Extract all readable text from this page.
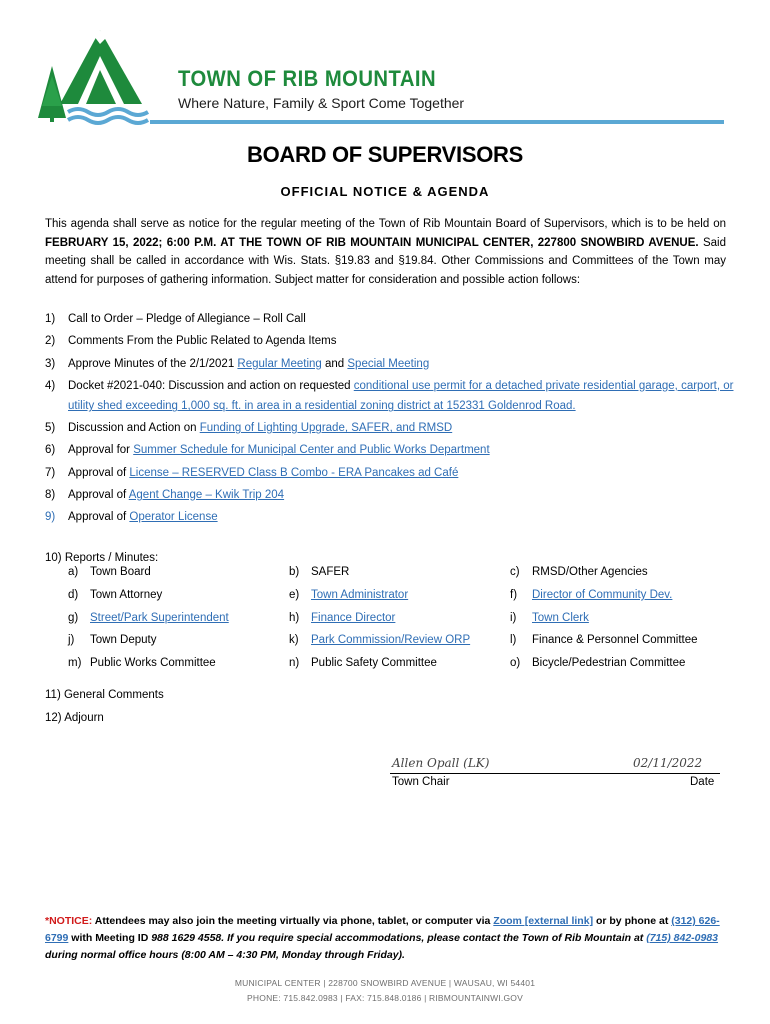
TOWN OF RIB MOUNTAIN
Where Nature, Family & Sport Come Together
BOARD OF SUPERVISORS
OFFICIAL NOTICE & AGENDA
This agenda shall serve as notice for the regular meeting of the Town of Rib Mountain Board of Supervisors, which is to be held on FEBRUARY 15, 2022; 6:00 P.M. AT THE TOWN OF RIB MOUNTAIN MUNICIPAL CENTER, 227800 SNOWBIRD AVENUE. Said meeting shall be called in accordance with Wis. Stats. §19.83 and §19.84. Other Commissions and Committees of the Town may attend for purposes of gathering information. Subject matter for consideration and possible action follows:
1) Call to Order – Pledge of Allegiance – Roll Call
2) Comments From the Public Related to Agenda Items
3) Approve Minutes of the 2/1/2021 Regular Meeting and Special Meeting
4) Docket #2021-040: Discussion and action on requested conditional use permit for a detached private residential garage, carport, or utility shed exceeding 1,000 sq. ft. in area in a residential zoning district at 152331 Goldenrod Road.
5) Discussion and Action on Funding of Lighting Upgrade, SAFER, and RMSD
6) Approval for Summer Schedule for Municipal Center and Public Works Department
7) Approval of License – RESERVED Class B Combo - ERA Pancakes ad Café
8) Approval of Agent Change – Kwik Trip 204
9) Approval of Operator License
10) Reports / Minutes:
a) Town Board	b) SAFER	c) RMSD/Other Agencies
d) Town Attorney	e) Town Administrator	f) Director of Community Dev.
g) Street/Park Superintendent	h) Finance Director	i) Town Clerk
j) Town Deputy	k) Park Commission/Review ORP	l) Finance & Personnel Committee
m) Public Works Committee	n) Public Safety Committee	o) Bicycle/Pedestrian Committee
11) General Comments
12) Adjourn
Allen Opall (LK)	02/11/2022
Town Chair	Date
*NOTICE: Attendees may also join the meeting virtually via phone, tablet, or computer via Zoom [external link] or by phone at (312) 626-6799 with Meeting ID 988 1629 4558. If you require special accommodations, please contact the Town of Rib Mountain at (715) 842-0983 during normal office hours (8:00 AM – 4:30 PM, Monday through Friday).
MUNICIPAL CENTER | 228700 SNOWBIRD AVENUE | WAUSAU, WI 54401
PHONE: 715.842.0983 | FAX: 715.848.0186 | RIBMOUNTAINWI.GOV
